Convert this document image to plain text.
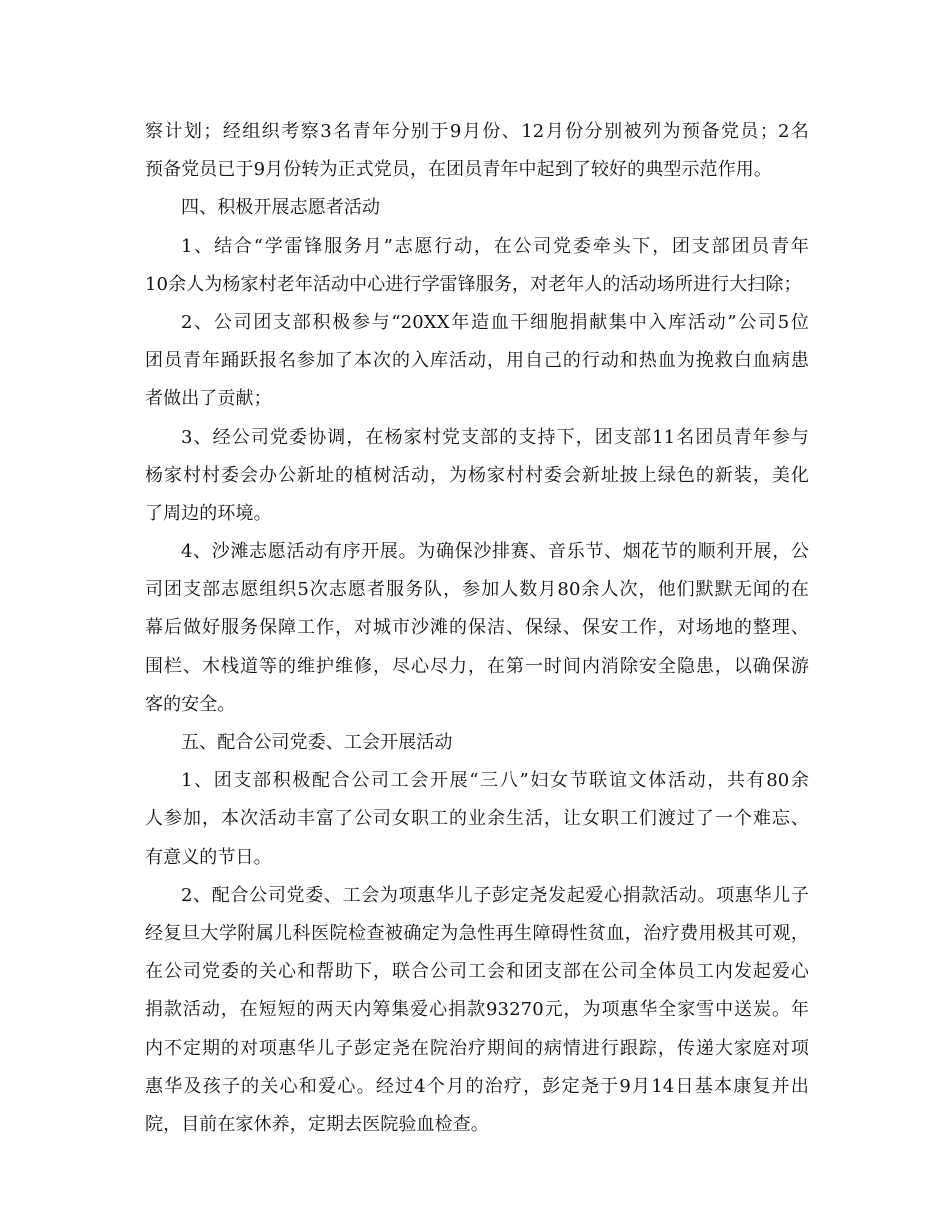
察计划；经组织考察3名青年分别于9月份、12月份分别被列为预备党员；2名
预备党员已于9月份转为正式党员，在团员青年中起到了较好的典型示范作用。
四、积极开展志愿者活动
1、结合“学雷锋服务月”志愿行动，在公司党委牵头下，团支部团员青年
10余人为杨家村老年活动中心进行学雷锋服务，对老年人的活动场所进行大扫除；
2、公司团支部积极参与“20XX年造血干细胞捐献集中入库活动”公司5位
团员青年踊跃报名参加了本次的入库活动，用自己的行动和热血为挽救白血病患
者做出了贡献；
3、经公司党委协调，在杨家村党支部的支持下，团支部11名团员青年参与
杨家村村委会办公新址的植树活动，为杨家村村委会新址披上绿色的新装，美化
了周边的环境。
4、沙滩志愿活动有序开展。为确保沙排赛、音乐节、烟花节的顺利开展，公
司团支部志愿组织5次志愿者服务队，参加人数月80余人次，他们默默无闻的在
幕后做好服务保障工作，对城市沙滩的保洁、保绿、保安工作，对场地的整理、
围栏、木栈道等的维护维修，尽心尽力，在第一时间内消除安全隐患，以确保游
客的安全。
五、配合公司党委、工会开展活动
1、团支部积极配合公司工会开展“三八”妇女节联谊文体活动，共有80余
人参加，本次活动丰富了公司女职工的业余生活，让女职工们渡过了一个难忘、
有意义的节日。
2、配合公司党委、工会为项惠华儿子彭定尧发起爱心捐款活动。项惠华儿子
经复旦大学附属儿科医院检查被确定为急性再生障碍性贫血，治疗费用极其可观，
在公司党委的关心和帮助下，联合公司工会和团支部在公司全体员工内发起爱心
捐款活动，在短短的两天内筹集爱心捐款93270元，为项惠华全家雪中送炭。年
内不定期的对项惠华儿子彭定尧在院治疗期间的病情进行跟踪，传递大家庭对项
惠华及孩子的关心和爱心。经过4个月的治疗，彭定尧于9月14日基本康复并出
院，目前在家休养，定期去医院验血检查。
